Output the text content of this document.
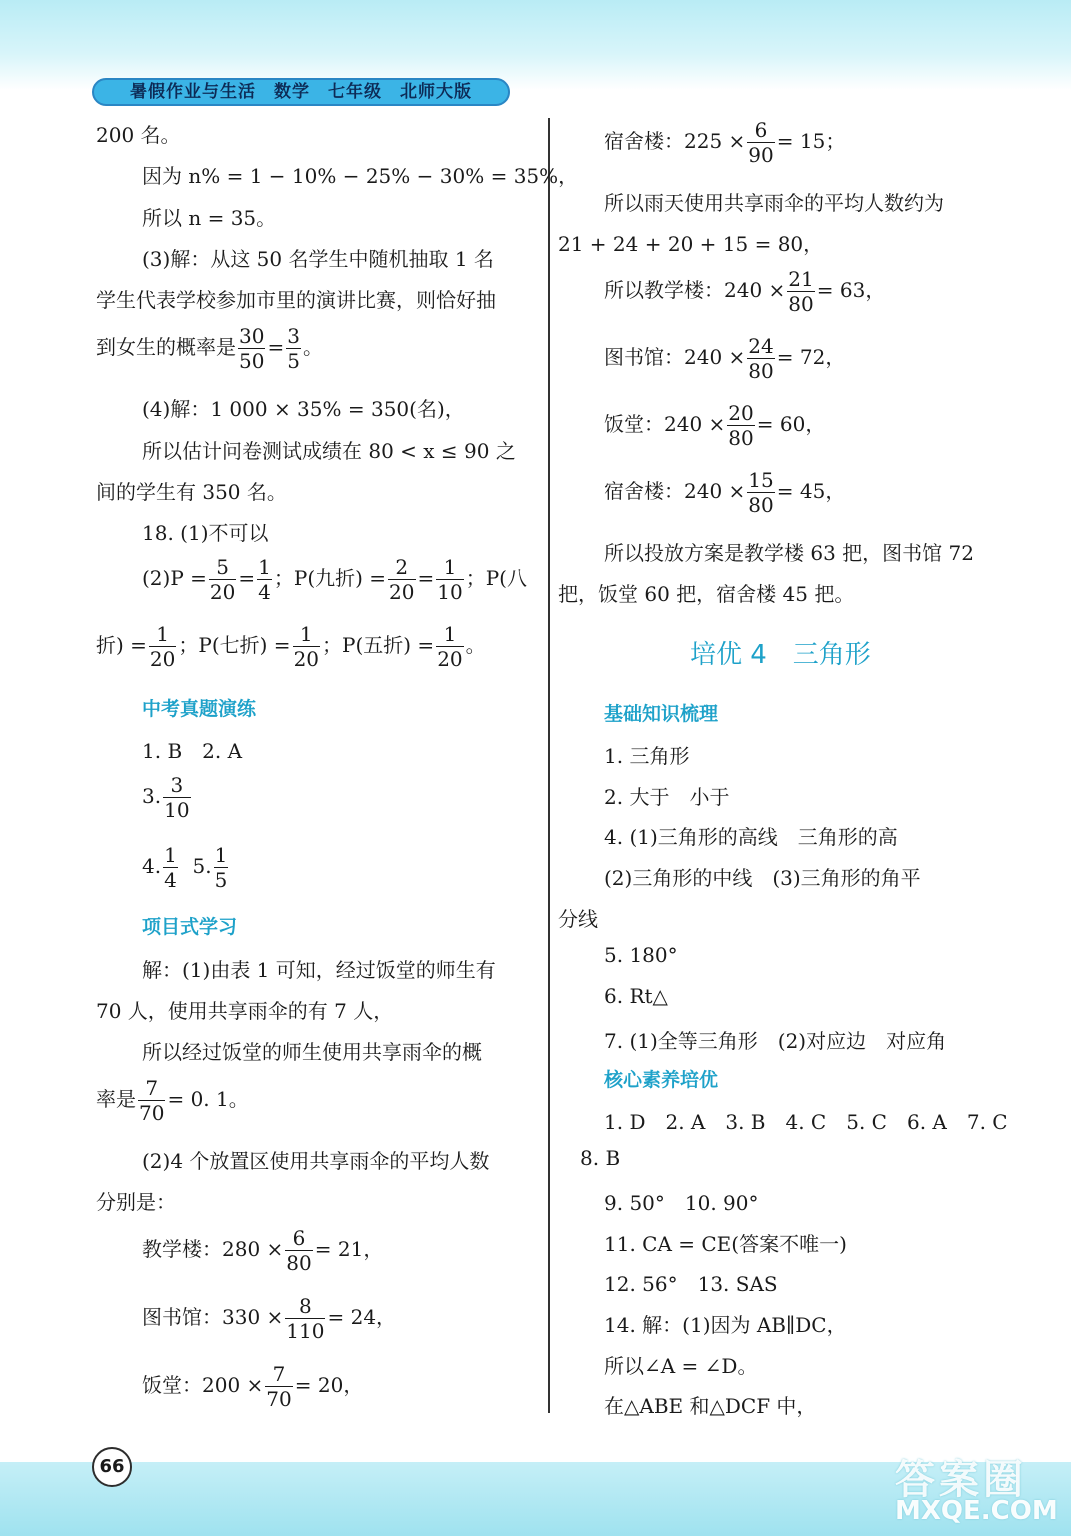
暑假作业与生活　数学　七年级　北师大版
200 名。
因为 n% = 1 − 10% − 25% − 30% = 35%，
所以 n = 35。
(3)解：从这 50 名学生中随机抽取 1 名
学生代表学校参加市里的演讲比赛，则恰好抽
到女生的概率是 $\frac{30}{50} = \frac{3}{5}$ 。
(4)解：1 000 × 35% = 350(名)，
所以估计问卷测试成绩在 80 < x ≤ 90 之
间的学生有 350 名。
18. (1)不可以
$(2)P = \frac{5}{20} = \frac{1}{4}$ ；P(九折) = $\frac{2}{20} = \frac{1}{10}$ ；P(八
折) = $\frac{1}{20}$ ；P(七折) = $\frac{1}{20}$ ；P(五折) = $\frac{1}{20}$ 。
中考真题演练
1. B　2. A
3. $\frac{3}{10}$
4. $\frac{1}{4} 5$. $\frac{1}{5}$
项目式学习
解：(1)由表 1 可知，经过饭堂的师生有
70 人，使用共享雨伞的有 7 人，
所以经过饭堂的师生使用共享雨伞的概
率是 $\frac{7}{70} = 0$. 1。
(2)4 个放置区使用共享雨伞的平均人数
分别是：
教学楼：$280 \times \frac{6}{80} = 21$，
图书馆：$330 \times \frac{8}{110} = 24$，
饭堂：$200 \times \frac{7}{70} = 20$，
宿舍楼：$225 \times \frac{6}{90} = 15$；
所以雨天使用共享雨伞的平均人数约为
21 + 24 + 20 + 15 = 80，
所以教学楼：$240 \times \frac{21}{80} = 63$，
图书馆：$240 \times \frac{24}{80} = 72$，
饭堂：$240 \times \frac{20}{80} = 60$，
宿舍楼：$240 \times \frac{15}{80} = 45$，
所以投放方案是教学楼 63 把，图书馆 72
把，饭堂 60 把，宿舍楼 45 把。
培优 4　三角形
基础知识梳理
1. 三角形
2. 大于　小于
4. (1)三角形的高线　三角形的高
(2)三角形的中线　(3)三角形的角平
分线
5. 180°
6. Rt△
7. (1)全等三角形　(2)对应边　对应角
核心素养培优
1. D　2. A　3. B　4. C　5. C　6. A　7. C
8. B
9. 50°　10. 90°
11. CA = CE(答案不唯一)
12. 56°　13. SAS
14. 解：(1)因为 AB∥DC，
所以∠A = ∠D。
在△ABE 和△DCF 中，
66	答案圈
MXQE.COM
